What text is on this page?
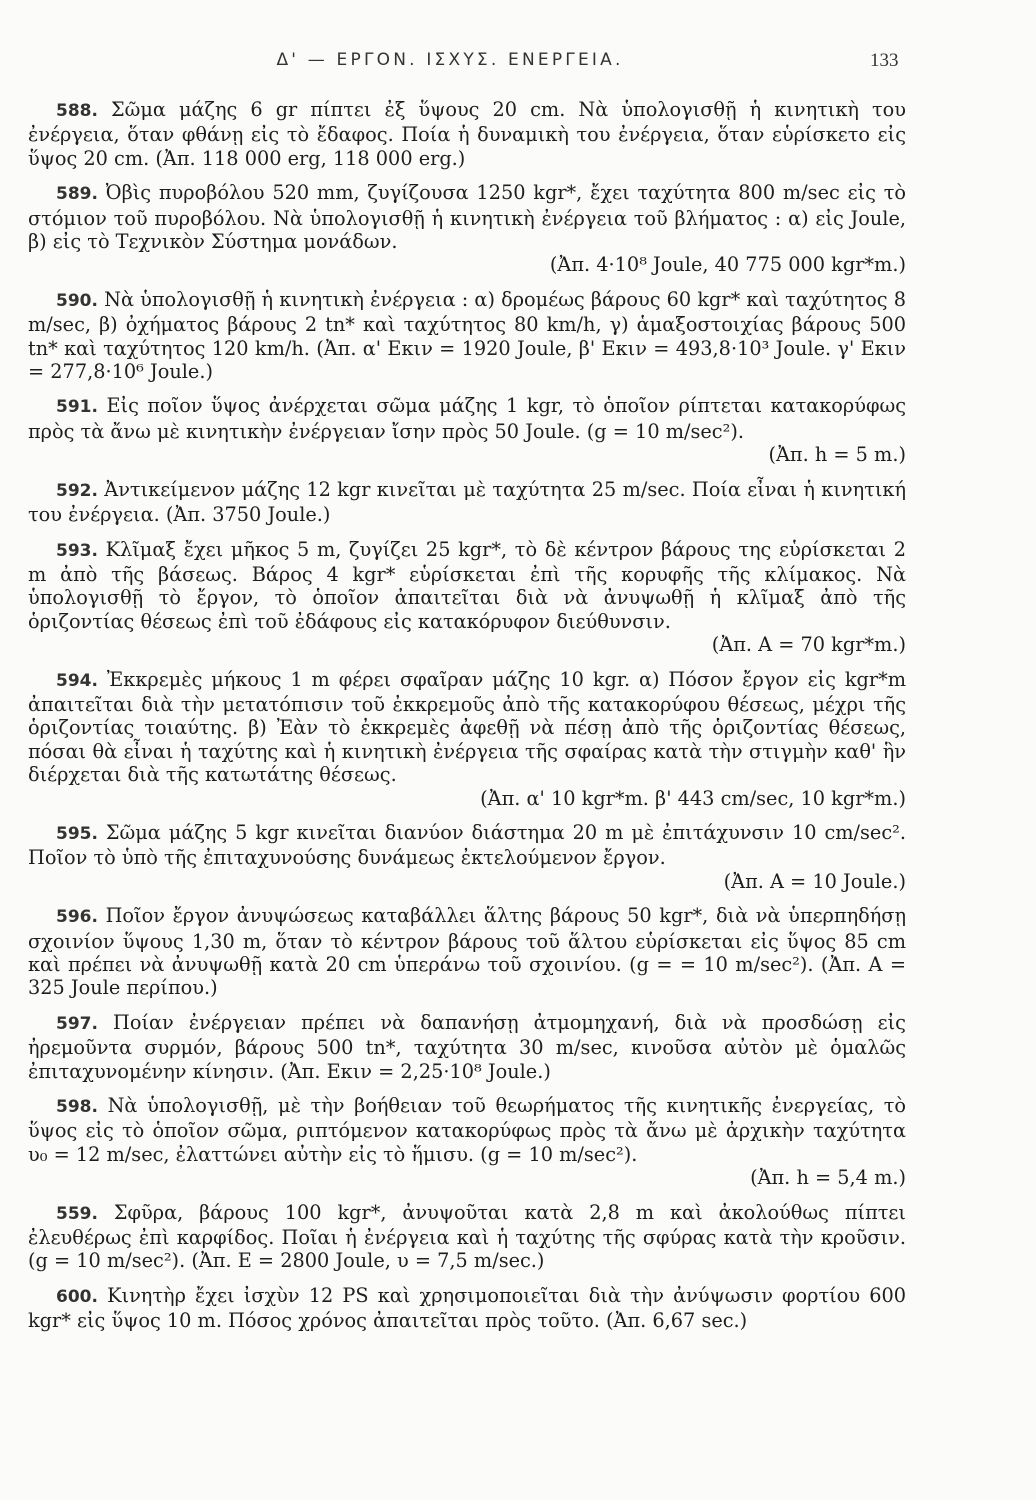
Δ' — ΕΡΓΟΝ. ΙΣΧΥΣ. ΕΝΕΡΓΕΙΑ.	133

588. Σῶμα μάζης 6 gr πίπτει ἐξ ὕψους 20 cm. Νὰ ὑπολογισθῇ ἡ κινητικὴ του ἐνέργεια, ὅταν φθάνῃ εἰς τὸ ἔδαφος. Ποία ἡ δυναμικὴ του ἐνέργεια, ὅταν εὑρίσκετο εἰς ὕψος 20 cm. (Ἀπ. 118 000 erg, 118 000 erg.)

589. Ὀβὶς πυροβόλου 520 mm, ζυγίζουσα 1250 kgr*, ἔχει ταχύτητα 800 m/sec εἰς τὸ στόμιον τοῦ πυροβόλου. Νὰ ὑπολογισθῇ ἡ κινητικὴ ἐνέργεια τοῦ βλήματος : α) εἰς Joule, β) εἰς τὸ Τεχνικὸν Σύστημα μονάδων.

(Ἀπ. 4·10⁸ Joule, 40 775 000 kgr*m.)

590. Νὰ ὑπολογισθῇ ἡ κινητικὴ ἐνέργεια : α) δρομέως βάρους 60 kgr* καὶ ταχύτητος 8 m/sec, β) ὀχήματος βάρους 2 tn* καὶ ταχύτητος 80 km/h, γ) ἁμαξοστοιχίας βάρους 500 tn* καὶ ταχύτητος 120 km/h. (Ἀπ. α' Eκιν = 1920 Joule, β' Eκιν = 493,8·10³ Joule. γ' Eκιν = 277,8·10⁶ Joule.)

591. Εἰς ποῖον ὕψος ἀνέρχεται σῶμα μάζης 1 kgr, τὸ ὁποῖον ρίπτεται κατακορύφως πρὸς τὰ ἄνω μὲ κινητικὴν ἐνέργειαν ἴσην πρὸς 50 Joule. (g = 10 m/sec²).

(Ἀπ. h = 5 m.)

592. Ἀντικείμενον μάζης 12 kgr κινεῖται μὲ ταχύτητα 25 m/sec. Ποία εἶναι ἡ κινητική του ἐνέργεια. (Ἀπ. 3750 Joule.)

593. Κλῖμαξ ἔχει μῆκος 5 m, ζυγίζει 25 kgr*, τὸ δὲ κέντρον βάρους της εὑρίσκεται 2 m ἀπὸ τῆς βάσεως. Βάρος 4 kgr* εὑρίσκεται ἐπὶ τῆς κορυφῆς τῆς κλίμακος. Νὰ ὑπολογισθῇ τὸ ἔργον, τὸ ὁποῖον ἀπαιτεῖται διὰ νὰ ἀνυψωθῇ ἡ κλῖμαξ ἀπὸ τῆς ὁριζοντίας θέσεως ἐπὶ τοῦ ἐδάφους εἰς κατακόρυφον διεύθυνσιν.

(Ἀπ. A = 70 kgr*m.)

594. Ἐκκρεμὲς μήκους 1 m φέρει σφαῖραν μάζης 10 kgr. α) Πόσον ἔργον εἰς kgr*m ἀπαιτεῖται διὰ τὴν μετατόπισιν τοῦ ἐκκρεμοῦς ἀπὸ τῆς κατακορύφου θέσεως, μέχρι τῆς ὁριζοντίας τοιαύτης. β) Ἐὰν τὸ ἐκκρεμὲς ἀφεθῇ νὰ πέσῃ ἀπὸ τῆς ὁριζοντίας θέσεως, πόσαι θὰ εἶναι ἡ ταχύτης καὶ ἡ κινητικὴ ἐνέργεια τῆς σφαίρας κατὰ τὴν στιγμὴν καθ' ἣν διέρχεται διὰ τῆς κατωτάτης θέσεως.

(Ἀπ. α' 10 kgr*m. β' 443 cm/sec, 10 kgr*m.)

595. Σῶμα μάζης 5 kgr κινεῖται διανύον διάστημα 20 m μὲ ἐπιτάχυνσιν 10 cm/sec². Ποῖον τὸ ὑπὸ τῆς ἐπιταχυνούσης δυνάμεως ἐκτελούμενον ἔργον.

(Ἀπ. A = 10 Joule.)

596. Ποῖον ἔργον ἀνυψώσεως καταβάλλει ἅλτης βάρους 50 kgr*, διὰ νὰ ὑπερπηδήσῃ σχοινίον ὕψους 1,30 m, ὅταν τὸ κέντρον βάρους τοῦ ἅλτου εὑρίσκεται εἰς ὕψος 85 cm καὶ πρέπει νὰ ἀνυψωθῇ κατὰ 20 cm ὑπεράνω τοῦ σχοινίου. (g = = 10 m/sec²). (Ἀπ. A = 325 Joule περίπου.)

597. Ποίαν ἐνέργειαν πρέπει νὰ δαπανήσῃ ἀτμομηχανή, διὰ νὰ προσδώσῃ εἰς ἠρεμοῦντα συρμόν, βάρους 500 tn*, ταχύτητα 30 m/sec, κινοῦσα αὐτὸν μὲ ὁμαλῶς ἐπιταχυνομένην κίνησιν. (Ἀπ. Eκιν = 2,25·10⁸ Joule.)

598. Νὰ ὑπολογισθῇ, μὲ τὴν βοήθειαν τοῦ θεωρήματος τῆς κινητικῆς ἐνεργείας, τὸ ὕψος εἰς τὸ ὁποῖον σῶμα, ριπτόμενον κατακορύφως πρὸς τὰ ἄνω μὲ ἀρχικὴν ταχύτητα υ₀ = 12 m/sec, ἐλαττώνει αὐτὴν εἰς τὸ ἥμισυ. (g = 10 m/sec²).

(Ἀπ. h = 5,4 m.)

559. Σφῦρα, βάρους 100 kgr*, ἀνυψοῦται κατὰ 2,8 m καὶ ἀκολούθως πίπτει ἐλευθέρως ἐπὶ καρφίδος. Ποῖαι ἡ ἐνέργεια καὶ ἡ ταχύτης τῆς σφύρας κατὰ τὴν κροῦσιν. (g = 10 m/sec²). (Ἀπ. E = 2800 Joule, υ = 7,5 m/sec.)

600. Κινητὴρ ἔχει ἰσχὺν 12 PS καὶ χρησιμοποιεῖται διὰ τὴν ἀνύψωσιν φορτίου 600 kgr* εἰς ὕψος 10 m. Πόσος χρόνος ἀπαιτεῖται πρὸς τοῦτο. (Ἀπ. 6,67 sec.)
